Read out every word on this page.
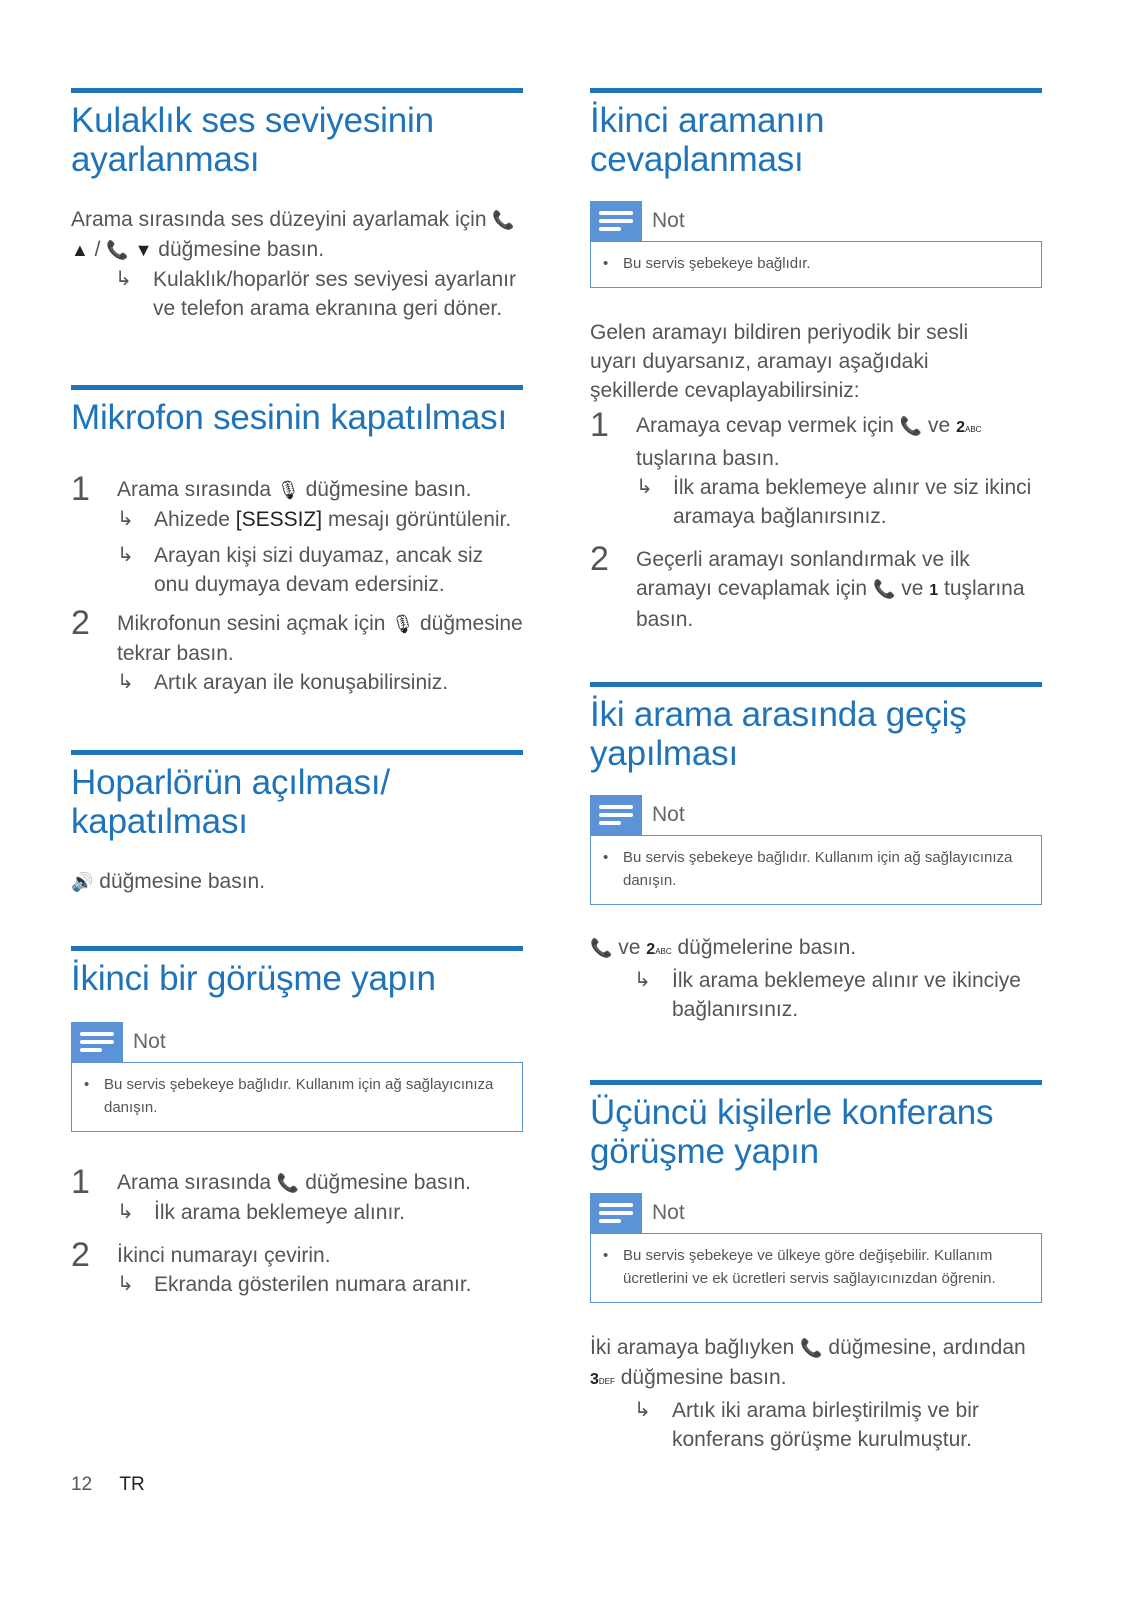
Kulaklık ses seviyesinin ayarlanması

Arama sırasında ses düzeyini ayarlamak için 📞
▲ / 📞 ▼ düğmesine basın.

↳ Kulaklık/hoparlör ses seviyesi ayarlanır ve telefon arama ekranına geri döner.
Mikrofon sesinin kapatılması
1 Arama sırasında 🎙 düğmesine basın.
↳ Ahizede [SESSIZ] mesajı görüntülenir.
↳ Arayan kişi sizi duyamaz, ancak siz onu duymaya devam edersiniz.
2 Mikrofonun sesini açmak için 🎙 düğmesine tekrar basın.
↳ Artık arayan ile konuşabilirsiniz.
Hoparlörün açılması/ kapatılması

🔊 düğmesine basın.

İkinci bir görüşme yapın
Not
• Bu servis şebekeye bağlıdır. Kullanım için ağ sağlayıcınıza danışın.
1 Arama sırasında 📞 düğmesine basın.
↳ İlk arama beklemeye alınır.
2 İkinci numarayı çevirin.
↳ Ekranda gösterilen numara aranır.
İkinci aramanın cevaplanması
Not
• Bu servis şebekeye bağlıdır.

Gelen aramayı bildiren periyodik bir sesli uyarı duyarsanız, aramayı aşağıdaki şekillerde cevaplayabilirsiniz:

1 Aramaya cevap vermek için 📞 ve 2ABC
tuşlarına basın.
↳ İlk arama beklemeye alınır ve siz ikinci aramaya bağlanırsınız.
2 Geçerli aramayı sonlandırmak ve ilk aramayı cevaplamak için 📞 ve 1 tuşlarına basın.
İki arama arasında geçiş yapılması
Not
• Bu servis şebekeye bağlıdır. Kullanım için ağ sağlayıcınıza danışın.

📞 ve 2ABC düğmelerine basın.

↳ İlk arama beklemeye alınır ve ikinciye bağlanırsınız.
Üçüncü kişilerle konferans görüşme yapın
Not
• Bu servis şebekeye ve ülkeye göre değişebilir. Kullanım ücretlerini ve ek ücretleri servis sağlayıcınızdan öğrenin.

İki aramaya bağlıyken 📞 düğmesine, ardından
3DEF düğmesine basın.

↳ Artık iki arama birleştirilmiş ve bir konferans görüşme kurulmuştur.
12 TR
